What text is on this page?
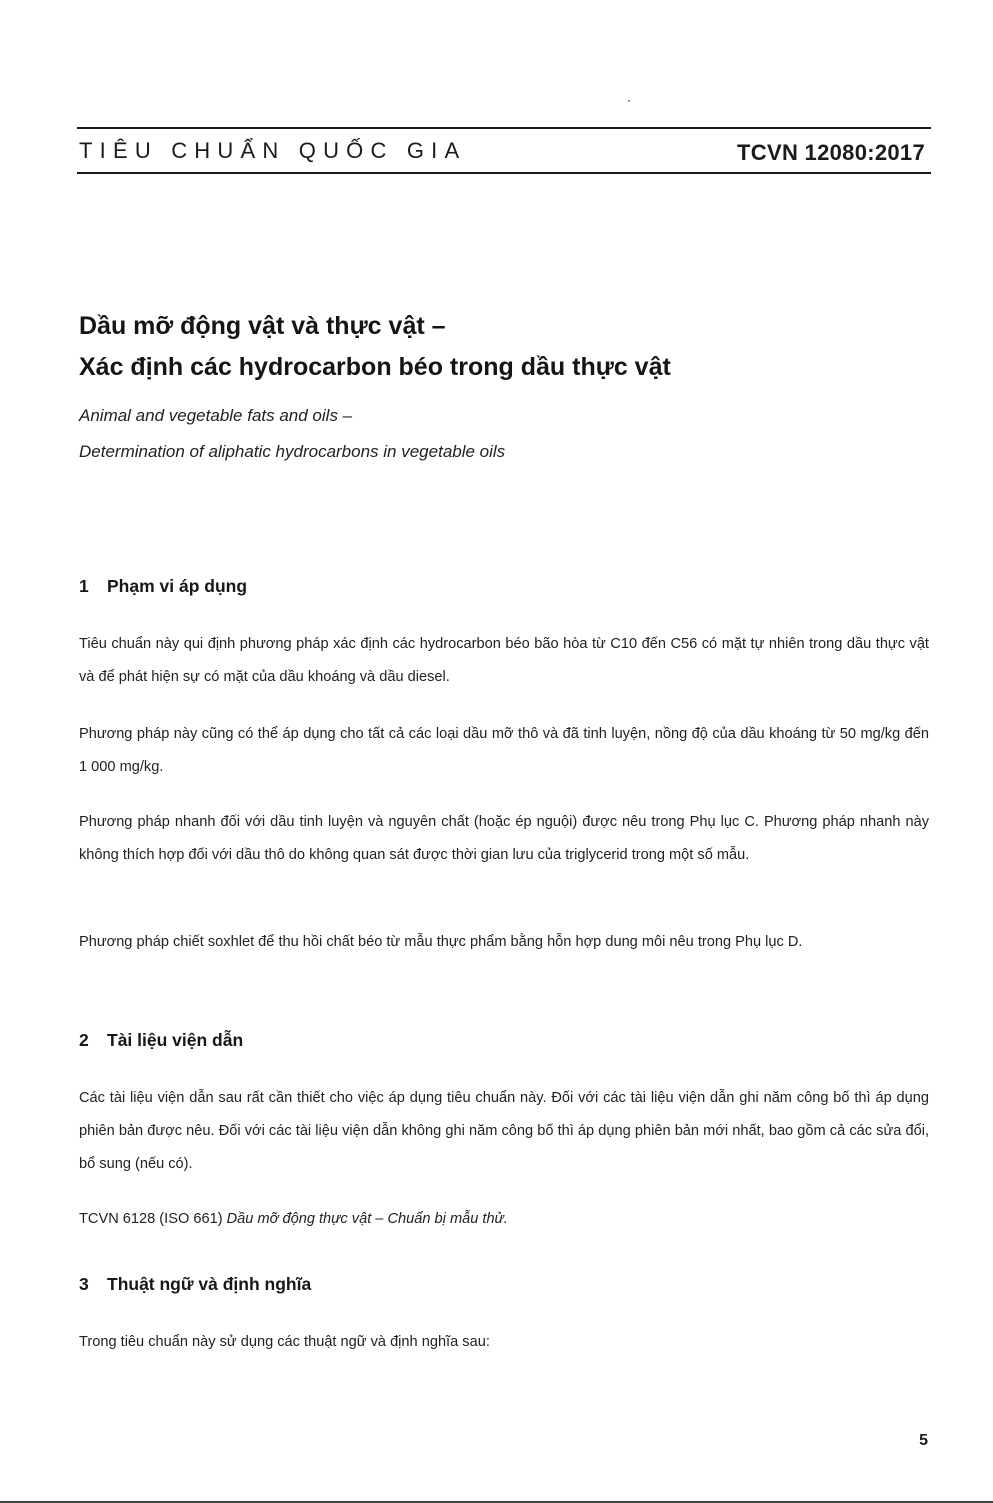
TIÊU CHUẨN QUỐC GIA	TCVN 12080:2017
Dầu mỡ động vật và thực vật –
Xác định các hydrocarbon béo trong dầu thực vật
Animal and vegetable fats and oils –
Determination of aliphatic hydrocarbons in vegetable oils
1 Phạm vi áp dụng
Tiêu chuẩn này qui định phương pháp xác định các hydrocarbon béo bão hòa từ C10 đến C56 có mặt tự nhiên trong dầu thực vật và để phát hiện sự có mặt của dầu khoáng và dầu diesel.
Phương pháp này cũng có thể áp dụng cho tất cả các loại dầu mỡ thô và đã tinh luyện, nồng độ của dầu khoáng từ 50 mg/kg đến 1 000 mg/kg.
Phương pháp nhanh đối với dầu tinh luyện và nguyên chất (hoặc ép nguội) được nêu trong Phụ lục C. Phương pháp nhanh này không thích hợp đối với dầu thô do không quan sát được thời gian lưu của triglycerid trong một số mẫu.
Phương pháp chiết soxhlet để thu hồi chất béo từ mẫu thực phẩm bằng hỗn hợp dung môi nêu trong Phụ lục D.
2 Tài liệu viện dẫn
Các tài liệu viện dẫn sau rất cần thiết cho việc áp dụng tiêu chuẩn này. Đối với các tài liệu viện dẫn ghi năm công bố thì áp dụng phiên bản được nêu. Đối với các tài liệu viện dẫn không ghi năm công bố thì áp dụng phiên bản mới nhất, bao gồm cả các sửa đổi, bổ sung (nếu có).
TCVN 6128 (ISO 661) Dầu mỡ động thực vật – Chuẩn bị mẫu thử.
3 Thuật ngữ và định nghĩa
Trong tiêu chuẩn này sử dụng các thuật ngữ và định nghĩa sau:
5
